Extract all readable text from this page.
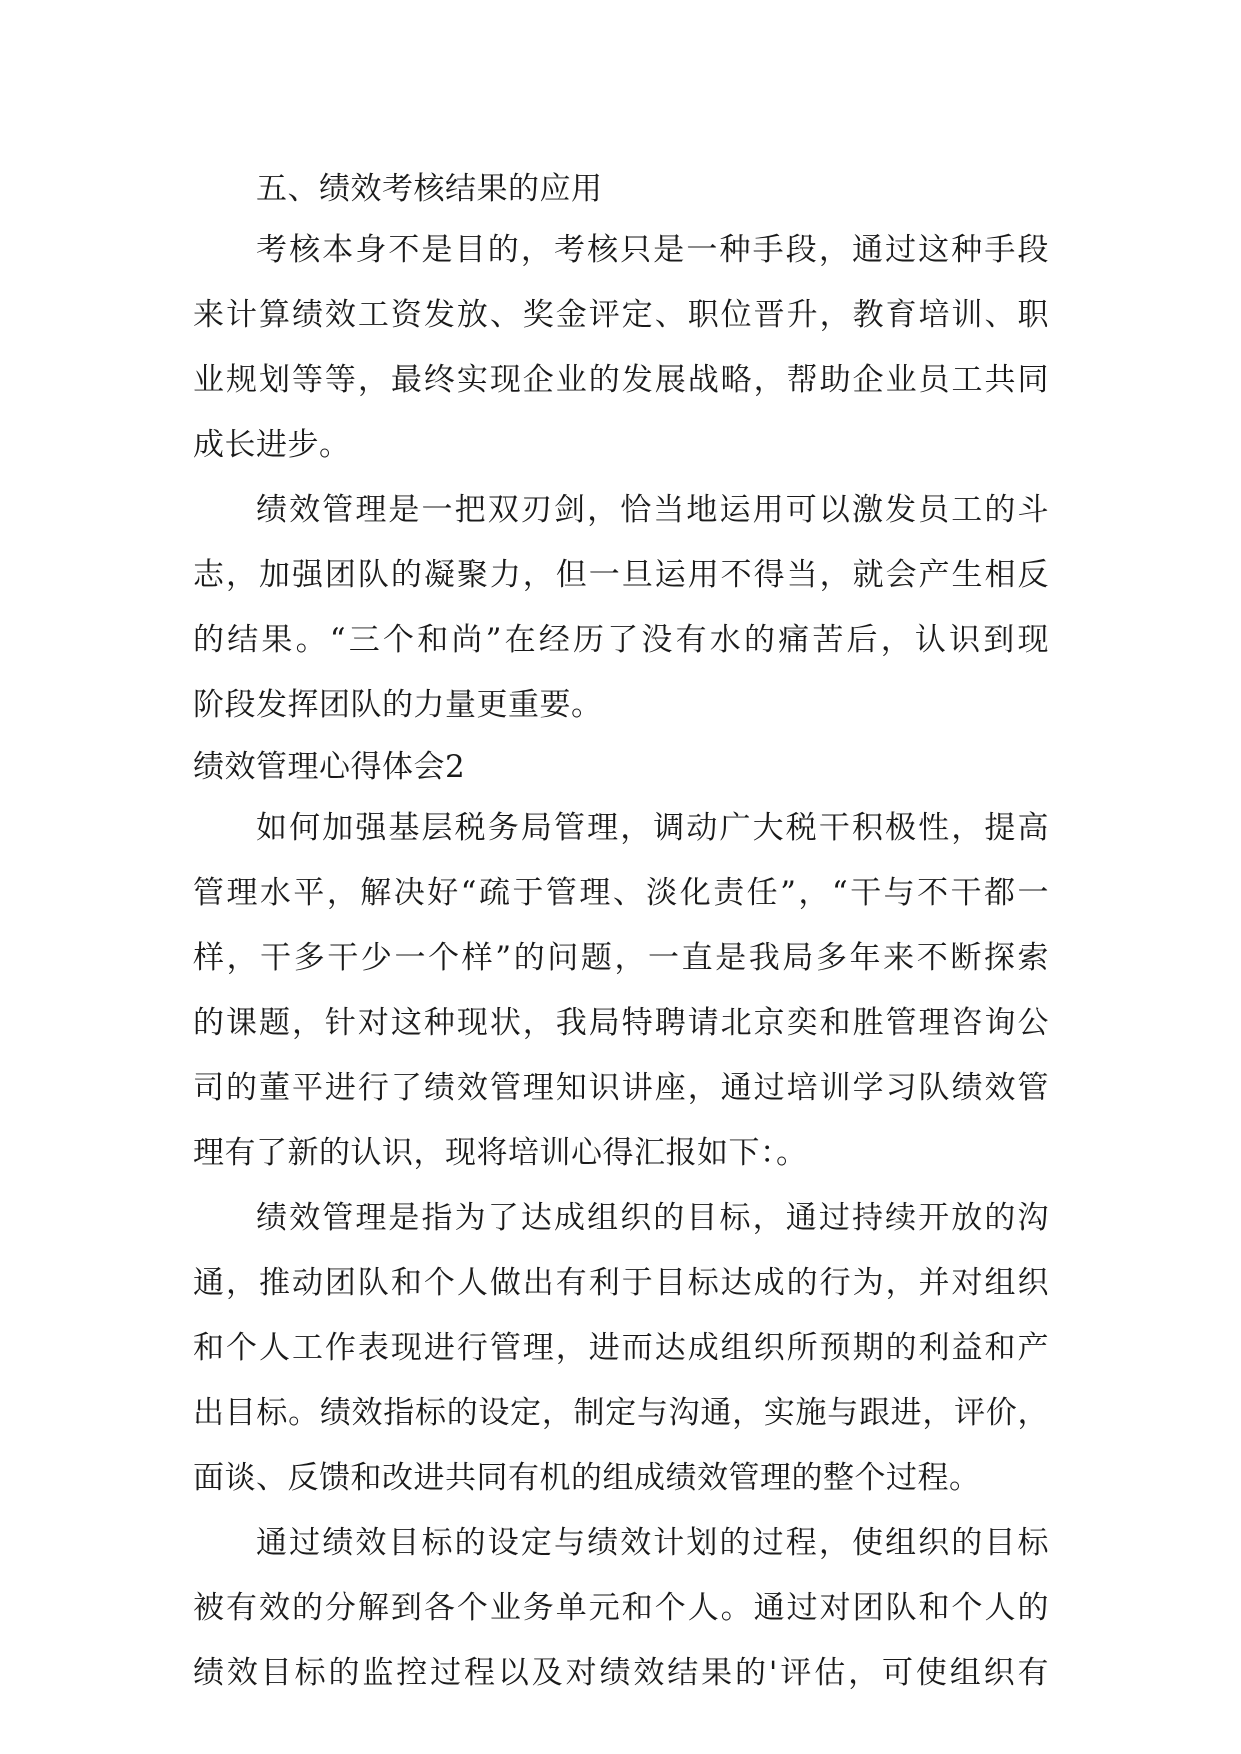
五、绩效考核结果的应用
考核本身不是目的，考核只是一种手段，通过这种手段
来计算绩效工资发放、奖金评定、职位晋升，教育培训、职
业规划等等，最终实现企业的发展战略，帮助企业员工共同
成长进步。
绩效管理是一把双刃剑，恰当地运用可以激发员工的斗
志，加强团队的凝聚力，但一旦运用不得当，就会产生相反
的结果。“三个和尚”在经历了没有水的痛苦后，认识到现
阶段发挥团队的力量更重要。
绩效管理心得体会2
如何加强基层税务局管理，调动广大税干积极性，提高
管理水平，解决好“疏于管理、淡化责任”，“干与不干都一
样，干多干少一个样”的问题，一直是我局多年来不断探索
的课题，针对这种现状，我局特聘请北京奕和胜管理咨询公
司的董平进行了绩效管理知识讲座，通过培训学习队绩效管
理有了新的认识，现将培训心得汇报如下：。
绩效管理是指为了达成组织的目标，通过持续开放的沟
通，推动团队和个人做出有利于目标达成的行为，并对组织
和个人工作表现进行管理，进而达成组织所预期的利益和产
出目标。绩效指标的设定，制定与沟通，实施与跟进，评价，
面谈、反馈和改进共同有机的组成绩效管理的整个过程。
通过绩效目标的设定与绩效计划的过程，使组织的目标
被有效的分解到各个业务单元和个人。通过对团队和个人的
绩效目标的监控过程以及对绩效结果的'评估，可使组织有
